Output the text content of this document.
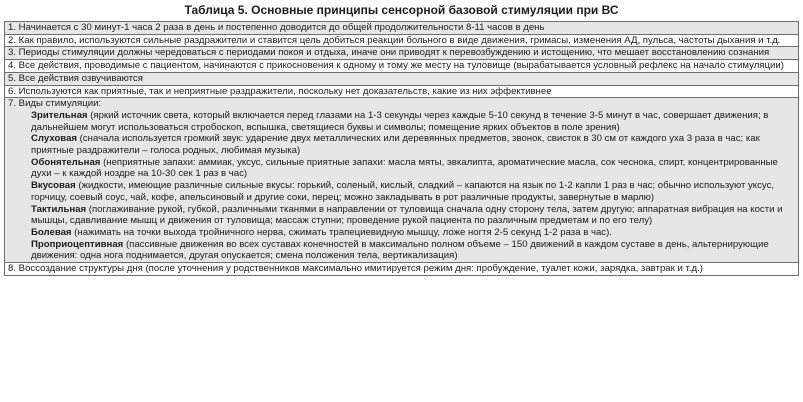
Таблица 5. Основные принципы сенсорной базовой стимуляции при ВС
1. Начинается с 30 минут-1 часа 2 раза в день и постепенно доводится до общей продолжительности 8-11 часов в день
2. Как правило, используются сильные раздражители и ставится цель добиться реакции больного в виде движения, гримасы, изменения АД, пульса, частоты дыхания и т.д.
3. Периоды стимуляции должны чередоваться с периодами покоя и отдыха, иначе они приводят к перевозбуждению и истощению, что мешает восстановлению сознания
4. Все действия, проводимые с пациентом, начинаются с прикосновения к одному и тому же месту на туловище (вырабатывается условный рефлекс на начало стимуляции)
5. Все действия озвучиваются
6. Используются как приятные, так и неприятные раздражители, поскольку нет доказательств, какие из них эффективнее
7. Виды стимуляции:
Зрительная (яркий источник света, который включается перед глазами на 1-3 секунды через каждые 5-10 секунд в течение 3-5 минут в час, совершает движения; в дальнейшем могут использоваться стробоскоп, вспышка, светящиеся буквы и символы; помещение ярких объектов в поле зрения)
Слуховая (сначала используется громкий звук: ударение двух металлических или деревянных предметов, звонок, свисток в 30 см от каждого уха 3 раза в час; как приятные раздражители – голоса родных, любимая музыка)
Обонятельная (неприятные запахи: аммиак, уксус, сильные приятные запахи: масла мяты, эвкалипта, ароматические масла, сок чеснока, спирт, концентрированные духи – к каждой ноздре на 10-30 сек 1 раз в час)
Вкусовая (жидкости, имеющие различные сильные вкусы: горький, соленый, кислый, сладкий – капаются на язык по 1-2 капли 1 раз в час; обычно используют уксус, горчицу, соевый соус, чай, кофе, апельсиновый и другие соки, перец; можно закладывать в рот различные продукты, завернутые в марлю)
Тактильная (поглаживание рукой, губкой, различными тканями в направлении от туловища сначала одну сторону тела, затем другую; аппаратная вибрация на кости и мышцы, сдавливание мышц и движения от туловища; массаж ступни; проведение рукой пациента по различным предметам и по его телу)
Болевая (нажимать на точки выхода тройничного нерва, сжимать трапециевидную мышцу, ложе ногтя 2-5 секунд 1-2 раза в час).
Проприоцептивная (пассивные движения во всех суставах конечностей в максимально полном объеме – 150 движений в каждом суставе в день, альтернирующие движения: одна нога поднимается, другая опускается; смена положения тела, вертикализация)
8. Воссоздание структуры дня (после уточнения у родственников максимально имитируется режим дня: пробуждение, туалет кожи, зарядка, завтрак и т.д.)
